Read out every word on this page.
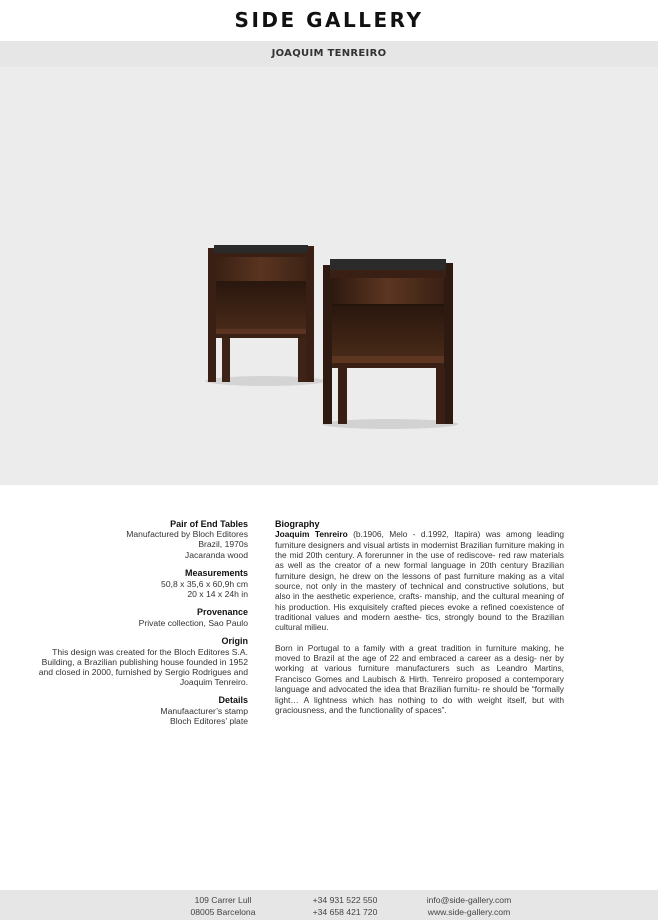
SIDE GALLERY
JOAQUIM TENREIRO
Pair of End Tables
Manufactured by Bloch Editores
Brazil, 1970s
Jacaranda wood
Measurements
50,8 x 35,6 x 60,9h cm
20 x 14 x 24h in
Provenance
Private collection, Sao Paulo
Origin
This design was created for the Bloch Editores S.A. Building, a Brazilian publishing house founded in 1952 and closed in 2000, furnished by Sergio Rodrigues and Joaquim Tenreiro.
Details
Manufaacturer’s stamp
Bloch Editores’ plate
Biography

Joaquim Tenreiro (b.1906, Melo - d.1992, Itapira) was among leading furniture designers and visual artists in modernist Brazilian furniture making in the mid 20th century. A forerunner in the use of rediscove- red raw materials as well as the creator of a new formal language in 20th century Brazilian furniture design, he drew on the lessons of past furniture making as a vital source, not only in the mastery of technical and constructive solutions, but also in the aesthetic experience, crafts- manship, and the cultural meaning of his production. His exquisitely crafted pieces evoke a refined coexistence of traditional values and modern aesthe- tics, strongly bound to the Brazilian cultural milieu.

Born in Portugal to a family with a great tradition in furniture making, he moved to Brazil at the age of 22 and embraced a career as a desig- ner by working at various furniture manufacturers such as Leandro Martins, Francisco Gomes and Laubisch & Hirth. Tenreiro proposed a contemporary language and advocated the idea that Brazilian furnitu- re should be “formally light… A lightness which has nothing to do with weight itself, but with graciousness, and the functionality of spaces”.

109 Carrer Lull
08005 Barcelona
+34 931 522 550
+34 658 421 720
info@side-gallery.com
www.side-gallery.com
